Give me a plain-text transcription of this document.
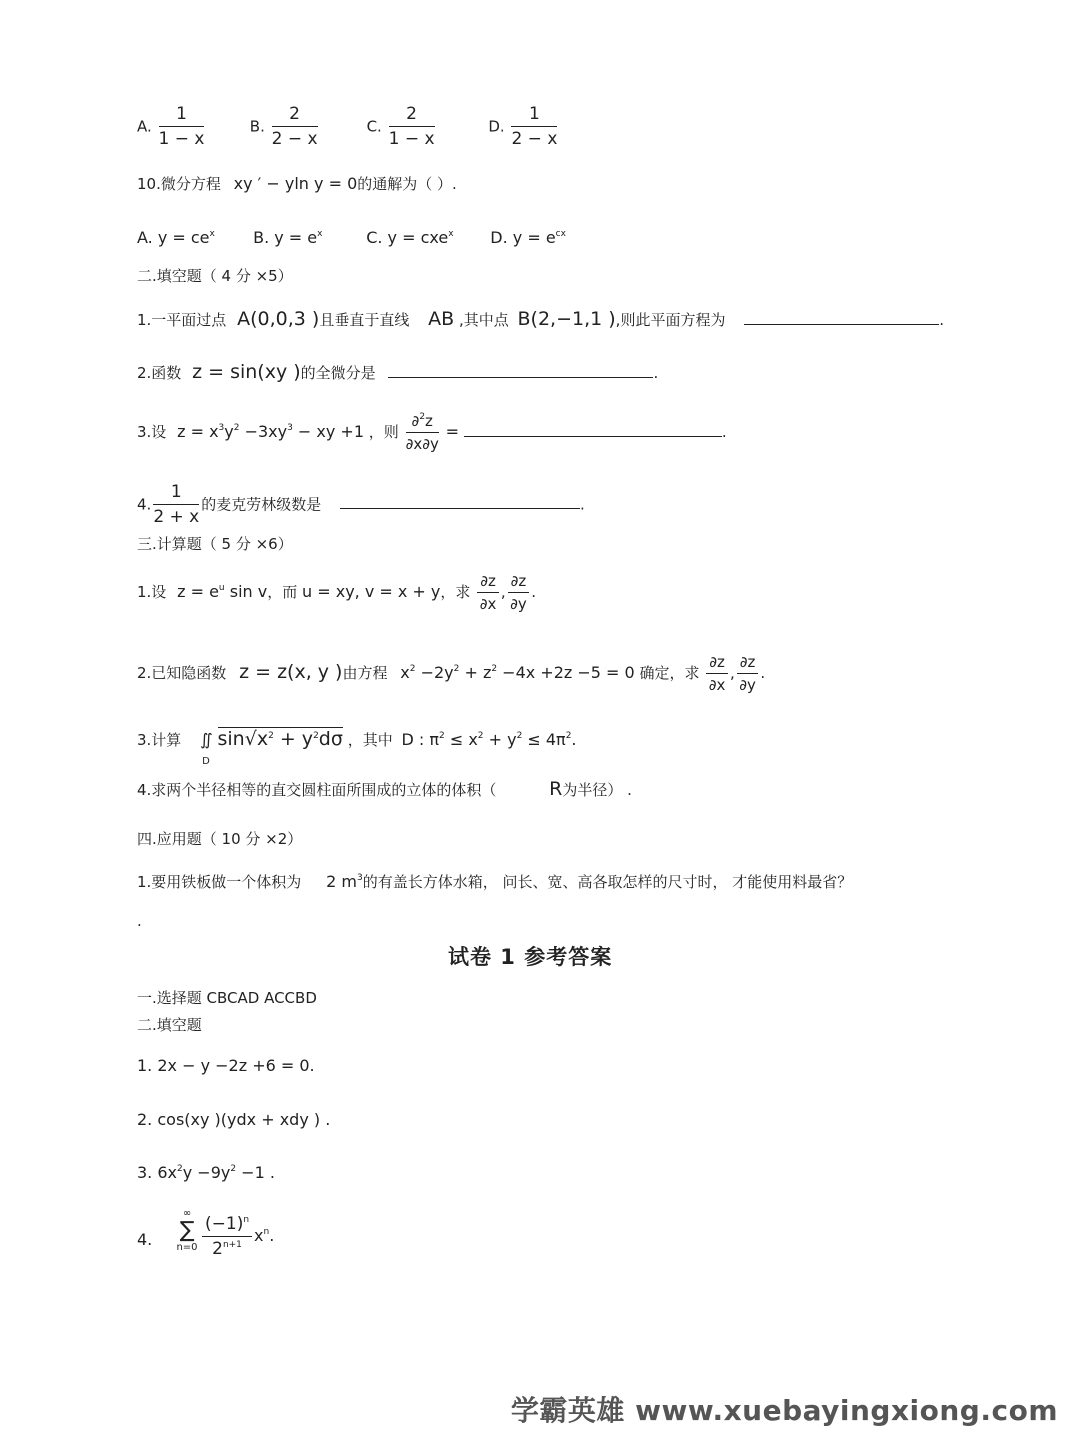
A. $\frac{1}{1 - x}$	B. $\frac{2}{2 - x}$	C. $\frac{2}{1 - x}$	D. $\frac{1}{2 - x}$
10.微分方程 xy ′ − yln y = 0的通解为（ ）.
A. $y = ce^x$ B. $y = e^x$	C. y = cxe$^x$ D. $y = e^{cx}$
二.填空题（ 4 分 ×5）
1.一平面过点 A(0,0,3 )且垂直于直线 AB ,其中点 B(2,−1,1 ),则此平面方程为	.
2.函数 z = sin(xy )的全微分是	.
3.设 $z = x^3y^2 -3xy^3$ − xy +1 ，则 $\frac{\partial^2z}{\partial x\partial y}$ =	.
4. $\frac{1}{2 + x}$ 的麦克劳林级数是	.
三.计算题（ 5 分 ×6）
1.设 $z = e^u$ sin v，而 u = xy, v = x + y，求 $\frac{\partial z}{\partial x}$ , $\frac{\partial z}{\partial y}$ .
2.已知隐函数 z = z(x, y )由方程 $x^2 -2y^2 + z^2 -4x +2z -5 = 0$ 确定，求 $\frac{\partial z}{\partial x}$ , $\frac{\partial z}{\partial y}$ .
3.计算 ∬
D
$\sin√x^2 + y^2d\sigma$ ，其中 D : $\pi^2 \le x^2 + y^2 \le 4\pi^2$.
4.求两个半径相等的直交圆柱面所围成的立体的体积（	R为半径） .
四.应用题（ 10 分 ×2）
1.要用铁板做一个体积为 2 $m^3$的有盖长方体水箱， 问长、宽、高各取怎样的尺寸时， 才能使用料最省？
.
试卷 1 参考答案
一.选择题 CBCAD ACCBD
二.填空题
1. 2x − y −2z +6 = 0.
2. cos(xy )(ydx + xdy ) .
3. $6x^2y -9y^2 -1$ .
4.
∞
∑
$n=0 \frac{(-1)^n}{2^{n+1}} x^n$.
学霸英雄 www.xuebayingxiong.com
